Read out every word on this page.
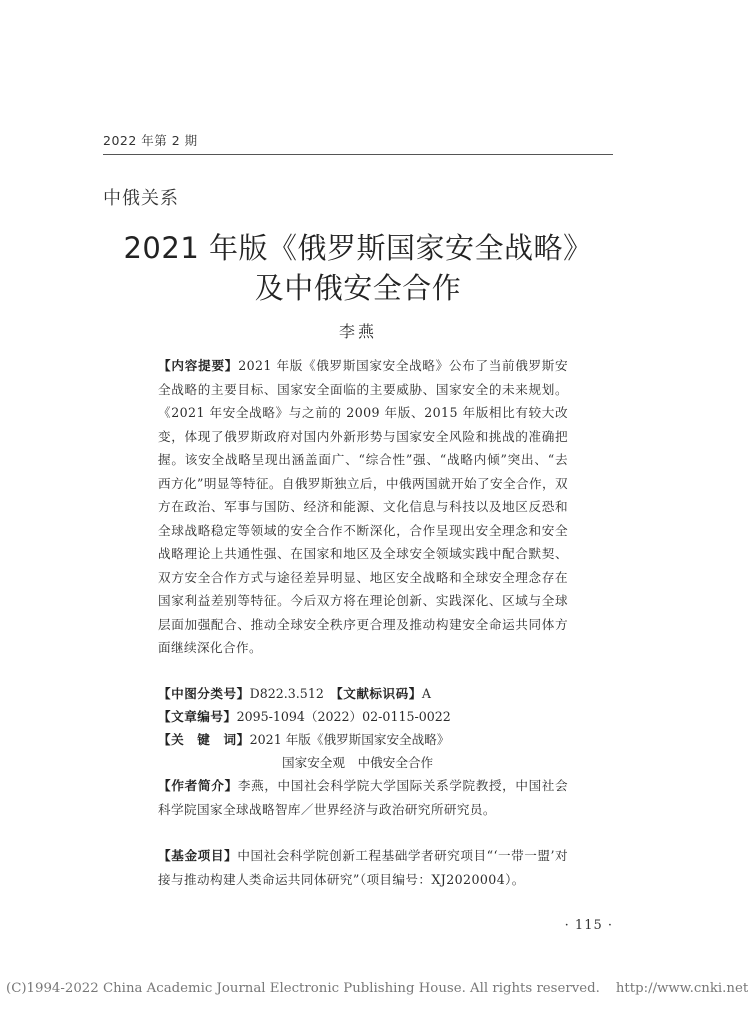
2022 年第 2 期
中俄关系
2021 年版《俄罗斯国家安全战略》
及中俄安全合作
李燕
【内容提要】2021 年版《俄罗斯国家安全战略》公布了当前俄罗斯安全战略的主要目标、国家安全面临的主要威胁、国家安全的未来规划。《2021 年安全战略》与之前的 2009 年版、2015 年版相比有较大改变，体现了俄罗斯政府对国内外新形势与国家安全风险和挑战的准确把握。该安全战略呈现出涵盖面广、“综合性”强、“战略内倾”突出、“去西方化”明显等特征。自俄罗斯独立后，中俄两国就开始了安全合作，双方在政治、军事与国防、经济和能源、文化信息与科技以及地区反恐和全球战略稳定等领域的安全合作不断深化，合作呈现出安全理念和安全战略理论上共通性强、在国家和地区及全球安全领域实践中配合默契、双方安全合作方式与途径差异明显、地区安全战略和全球安全理念存在国家利益差别等特征。今后双方将在理论创新、实践深化、区域与全球层面加强配合、推动全球安全秩序更合理及推动构建安全命运共同体方面继续深化合作。
【中图分类号】D822.3.512　 【文献标识码】A
【文章编号】2095-1094（2022）02-0115-0022
【关　键　词】2021 年版《俄罗斯国家安全战略》
国家安全观　中俄安全合作
【作者简介】李燕，中国社会科学院大学国际关系学院教授，中国社会科学院国家全球战略智库／世界经济与政治研究所研究员。
【基金项目】中国社会科学院创新工程基础学者研究项目“‘一带一盟’对接与推动构建人类命运共同体研究”（项目编号：XJ2020004）。
· 115 ·
(C)1994-2022 China Academic Journal Electronic Publishing House. All rights reserved. http://www.cnki.net
